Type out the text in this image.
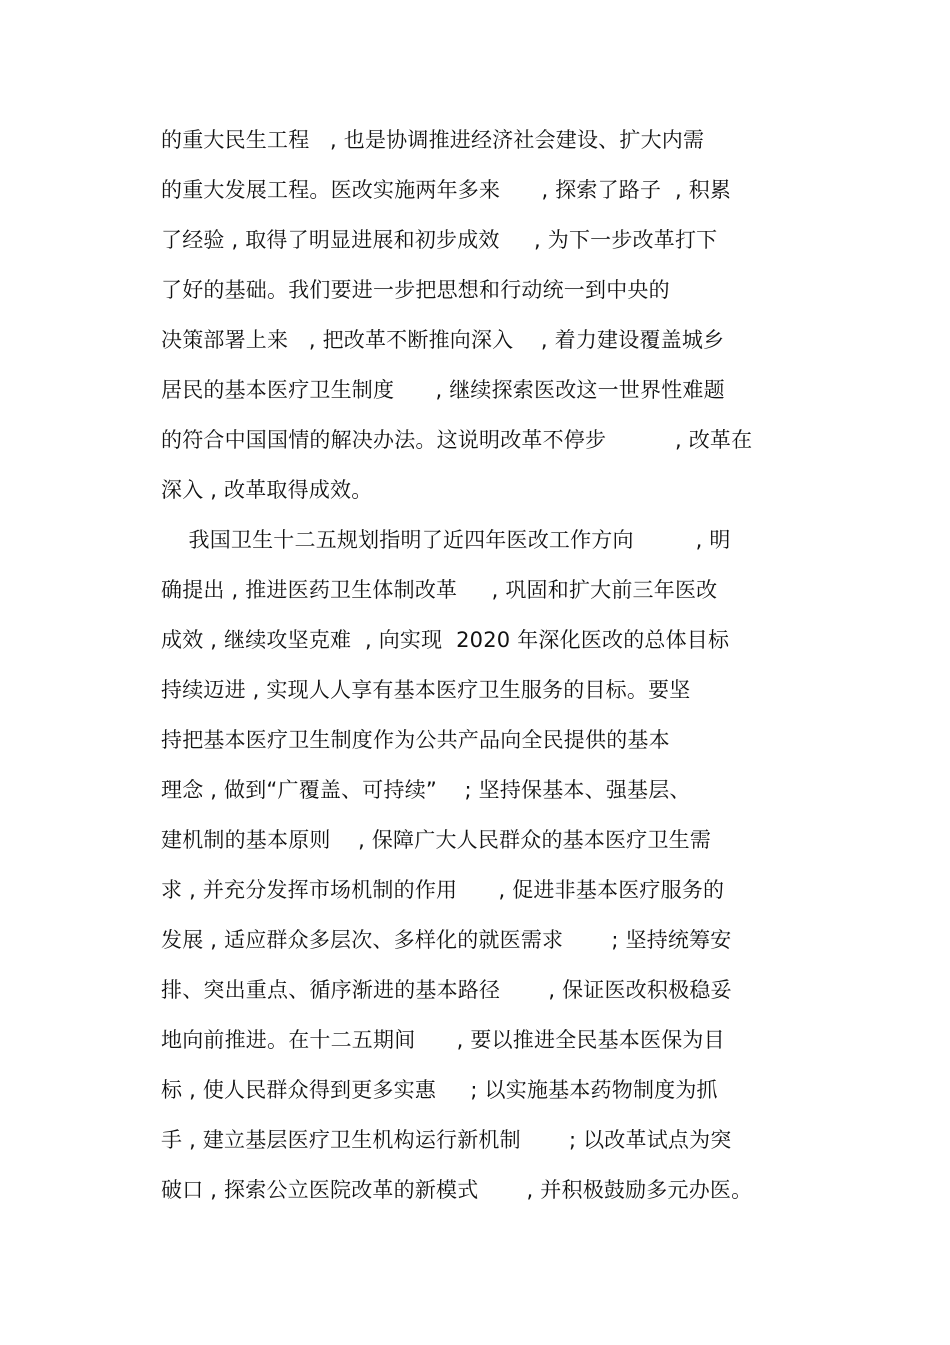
的重大民生工程   , 也是协调推进经济社会建设、扩大内需
的重大发展工程。医改实施两年多来      , 探索了路子  , 积累
了经验 , 取得了明显进展和初步成效     , 为下一步改革打下
了好的基础。我们要进一步把思想和行动统一到中央的
决策部署上来   , 把改革不断推向深入    , 着力建设覆盖城乡
居民的基本医疗卫生制度      , 继续探索医改这一世界性难题
的符合中国国情的解决办法。这说明改革不停步          , 改革在
深入 , 改革取得成效。
我国卫生十二五规划指明了近四年医改工作方向         , 明
确提出 , 推进医药卫生体制改革     , 巩固和扩大前三年医改
成效 , 继续攻坚克难  , 向实现  2020 年深化医改的总体目标
持续迈进 , 实现人人享有基本医疗卫生服务的目标。要坚
持把基本医疗卫生制度作为公共产品向全民提供的基本
理念 , 做到“广覆盖、可持续”    ; 坚持保基本、强基层、
建机制的基本原则    , 保障广大人民群众的基本医疗卫生需
求 , 并充分发挥市场机制的作用      , 促进非基本医疗服务的
发展 , 适应群众多层次、多样化的就医需求       ; 坚持统筹安
排、突出重点、循序渐进的基本路径       , 保证医改积极稳妥
地向前推进。在十二五期间      , 要以推进全民基本医保为目
标 , 使人民群众得到更多实惠     ; 以实施基本药物制度为抓
手 , 建立基层医疗卫生机构运行新机制       ; 以改革试点为突
破口 , 探索公立医院改革的新模式       , 并积极鼓励多元办医。
